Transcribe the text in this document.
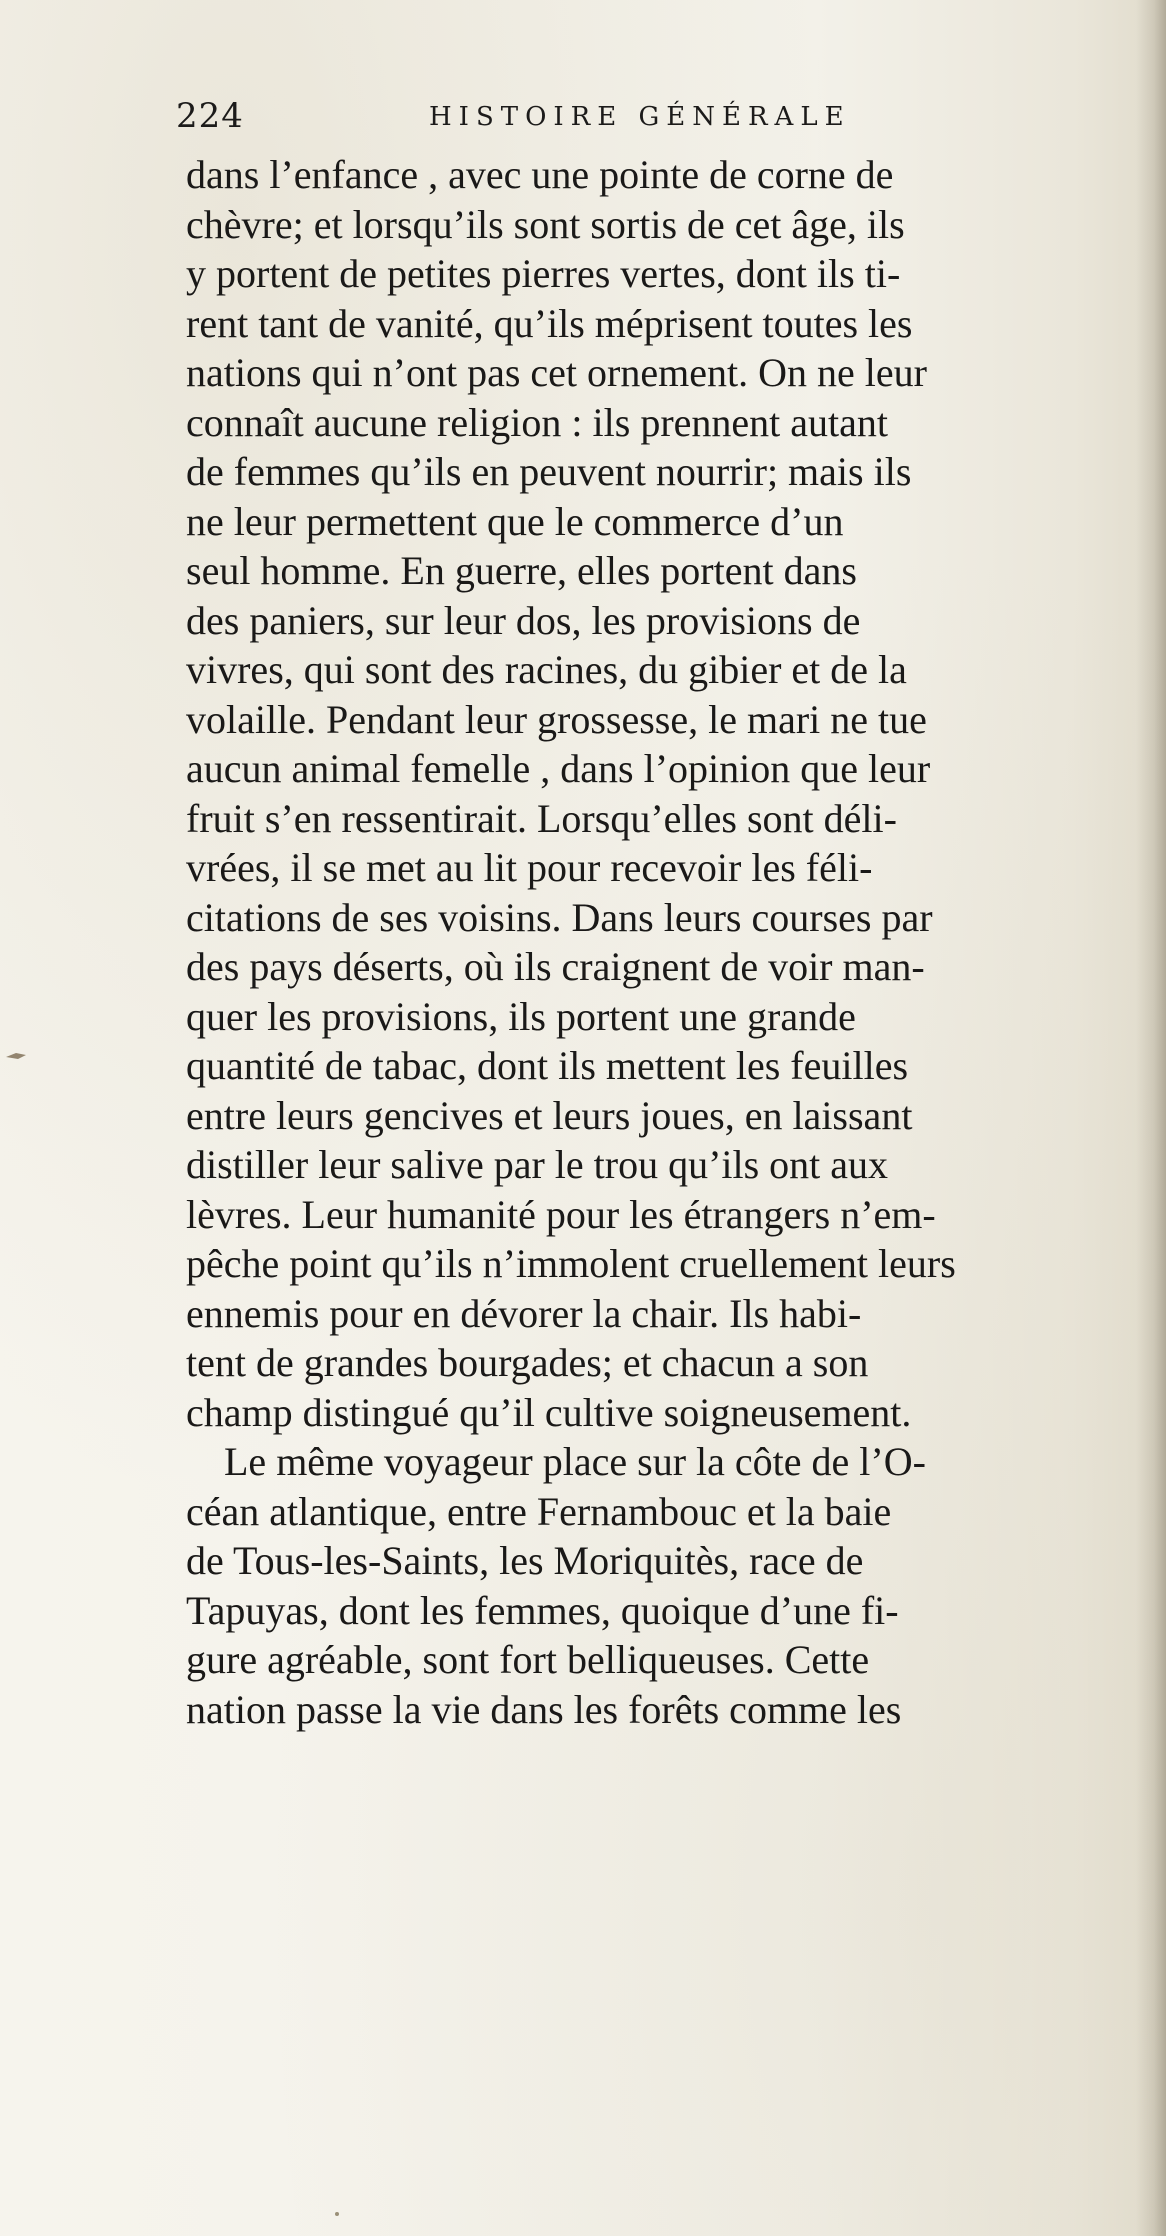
224	HISTOIRE GÉNÉRALE
dans l’enfance , avec une pointe de corne de
chèvre; et lorsqu’ils sont sortis de cet âge, ils
y portent de petites pierres vertes, dont ils ti-
rent tant de vanité, qu’ils méprisent toutes les
nations qui n’ont pas cet ornement. On ne leur
connaît aucune religion : ils prennent autant
de femmes qu’ils en peuvent nourrir; mais ils
ne leur permettent que le commerce d’un
seul homme. En guerre, elles portent dans
des paniers, sur leur dos, les provisions de
vivres, qui sont des racines, du gibier et de la
volaille. Pendant leur grossesse, le mari ne tue
aucun animal femelle , dans l’opinion que leur
fruit s’en ressentirait. Lorsqu’elles sont déli-
vrées, il se met au lit pour recevoir les féli-
citations de ses voisins. Dans leurs courses par
des pays déserts, où ils craignent de voir man-
quer les provisions, ils portent une grande
quantité de tabac, dont ils mettent les feuilles
entre leurs gencives et leurs joues, en laissant
distiller leur salive par le trou qu’ils ont aux
lèvres. Leur humanité pour les étrangers n’em-
pêche point qu’ils n’immolent cruellement leurs
ennemis pour en dévorer la chair. Ils habi-
tent de grandes bourgades; et chacun a son
champ distingué qu’il cultive soigneusement.
Le même voyageur place sur la côte de l’O-
céan atlantique, entre Fernambouc et la baie
de Tous-les-Saints, les Moriquitès, race de
Tapuyas, dont les femmes, quoique d’une fi-
gure agréable, sont fort belliqueuses. Cette
nation passe la vie dans les forêts comme les
